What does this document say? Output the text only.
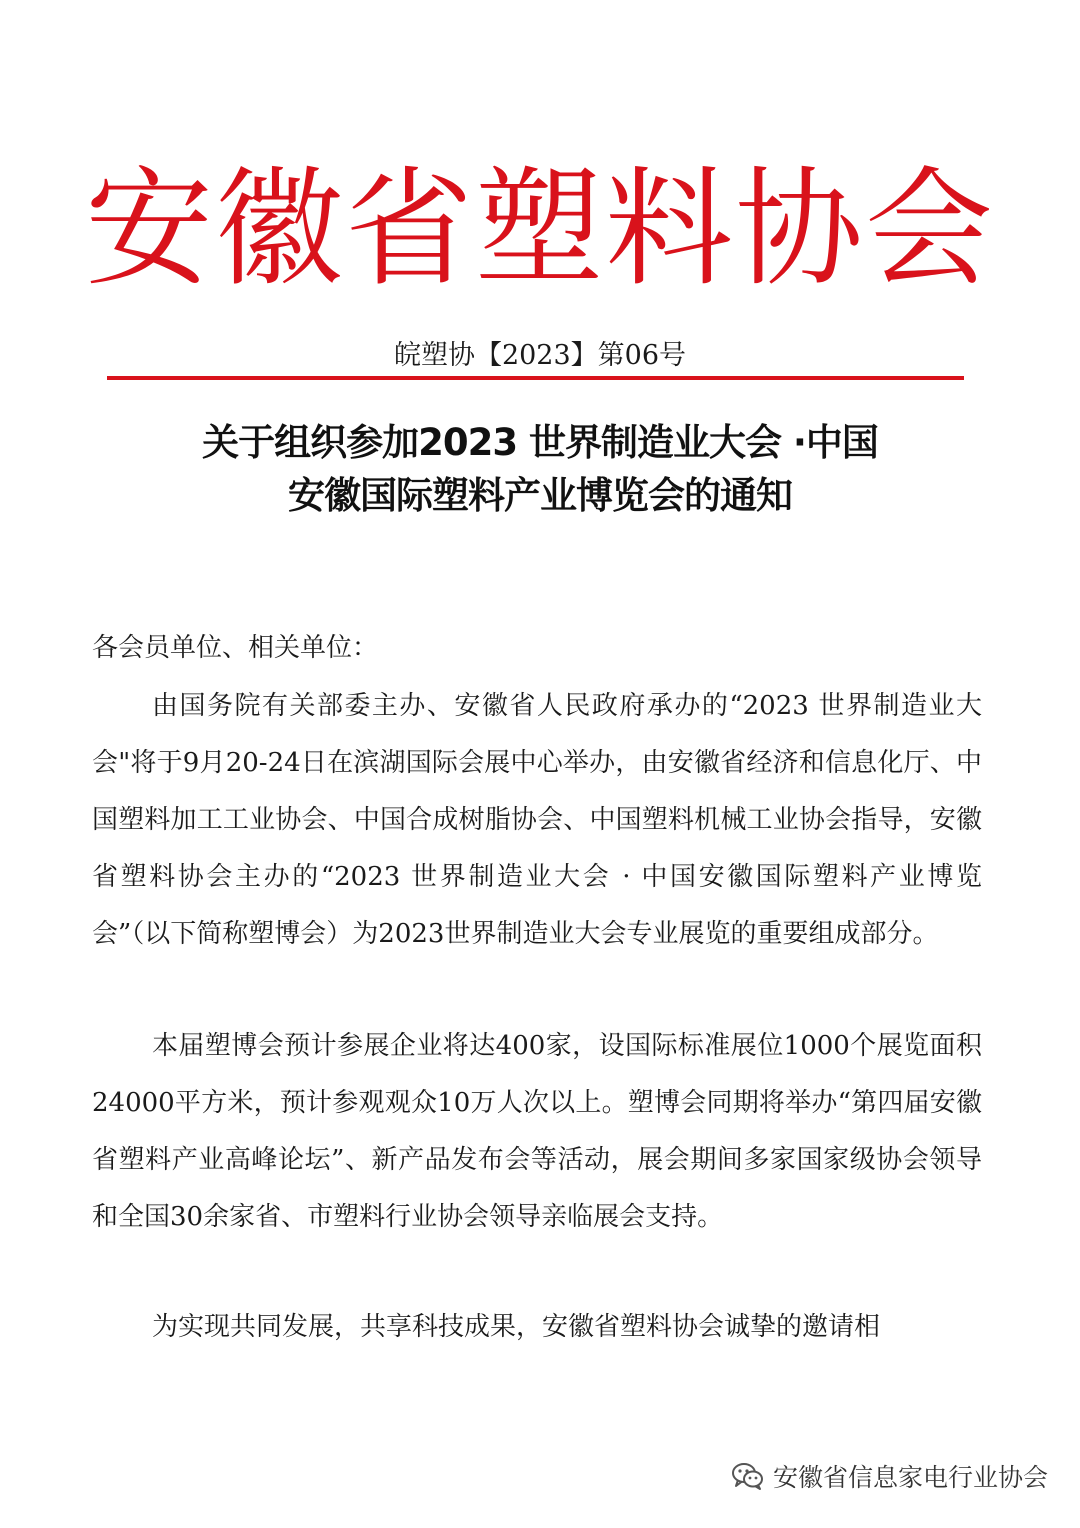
安徽省塑料协会
皖塑协【2023】第06号
关于组织参加2023 世界制造业大会 ·中国
安徽国际塑料产业博览会的通知
各会员单位、相关单位：

由国务院有关部委主办、安徽省人民政府承办的“2023 世界制造业大会"将于9月20-24日在滨湖国际会展中心举办，由安徽省经济和信息化厅、中国塑料加工工业协会、中国合成树脂协会、中国塑料机械工业协会指导，安徽省塑料协会主办的“2023 世界制造业大会 · 中国安徽国际塑料产业博览会”（以下简称塑博会）为2023世界制造业大会专业展览的重要组成部分。

本届塑博会预计参展企业将达400家，设国际标准展位1000个展览面积24000平方米，预计参观观众10万人次以上。塑博会同期将举办“第四届安徽省塑料产业高峰论坛”、新产品发布会等活动，展会期间多家国家级协会领导和全国30余家省、市塑料行业协会领导亲临展会支持。

为实现共同发展，共享科技成果，安徽省塑料协会诚挚的邀请相

安徽省信息家电行业协会
